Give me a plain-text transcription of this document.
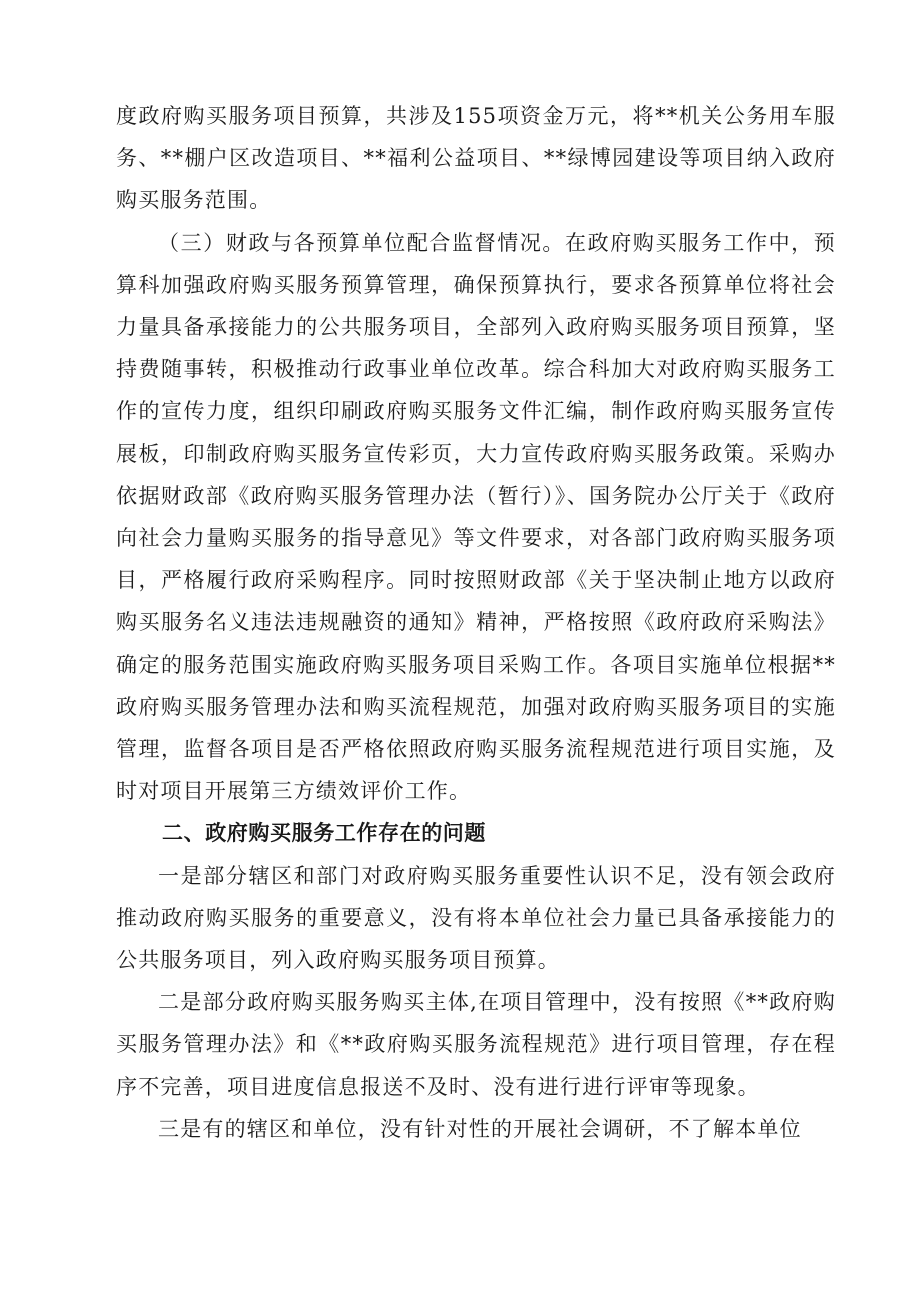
度政府购买服务项目预算，共涉及155项资金万元，将**机关公务用车服务、**棚户区改造项目、**福利公益项目、**绿博园建设等项目纳入政府购买服务范围。

（三）财政与各预算单位配合监督情况。在政府购买服务工作中，预算科加强政府购买服务预算管理，确保预算执行，要求各预算单位将社会力量具备承接能力的公共服务项目，全部列入政府购买服务项目预算，坚持费随事转，积极推动行政事业单位改革。综合科加大对政府购买服务工作的宣传力度，组织印刷政府购买服务文件汇编，制作政府购买服务宣传展板，印制政府购买服务宣传彩页，大力宣传政府购买服务政策。采购办依据财政部《政府购买服务管理办法（暂行）》、国务院办公厅关于《政府向社会力量购买服务的指导意见》等文件要求，对各部门政府购买服务项目，严格履行政府采购程序。同时按照财政部《关于坚决制止地方以政府购买服务名义违法违规融资的通知》精神，严格按照《政府政府采购法》确定的服务范围实施政府购买服务项目采购工作。各项目实施单位根据**政府购买服务管理办法和购买流程规范，加强对政府购买服务项目的实施管理，监督各项目是否严格依照政府购买服务流程规范进行项目实施，及时对项目开展第三方绩效评价工作。

二、政府购买服务工作存在的问题

一是部分辖区和部门对政府购买服务重要性认识不足，没有领会政府推动政府购买服务的重要意义，没有将本单位社会力量已具备承接能力的公共服务项目，列入政府购买服务项目预算。

二是部分政府购买服务购买主体,在项目管理中，没有按照《**政府购买服务管理办法》和《**政府购买服务流程规范》进行项目管理，存在程序不完善，项目进度信息报送不及时、没有进行进行评审等现象。

三是有的辖区和单位，没有针对性的开展社会调研，不了解本单位
